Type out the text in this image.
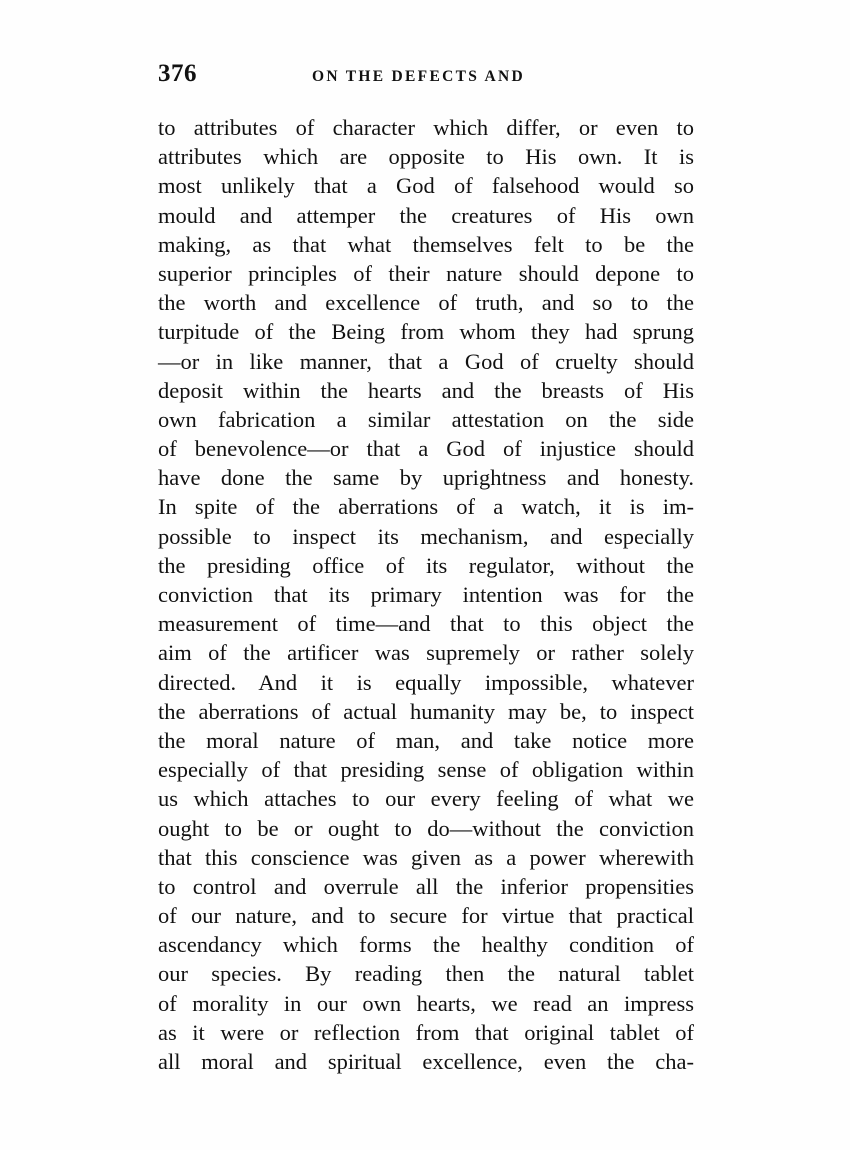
376	ON THE DEFECTS AND
to attributes of character which differ, or even to
attributes which are opposite to His own. It is
most unlikely that a God of falsehood would so
mould and attemper the creatures of His own
making, as that what themselves felt to be the
superior principles of their nature should depone to
the worth and excellence of truth, and so to the
turpitude of the Being from whom they had sprung
—or in like manner, that a God of cruelty should
deposit within the hearts and the breasts of His
own fabrication a similar attestation on the side
of benevolence—or that a God of injustice should
have done the same by uprightness and honesty.
In spite of the aberrations of a watch, it is im-
possible to inspect its mechanism, and especially
the presiding office of its regulator, without the
conviction that its primary intention was for the
measurement of time—and that to this object the
aim of the artificer was supremely or rather solely
directed. And it is equally impossible, whatever
the aberrations of actual humanity may be, to inspect
the moral nature of man, and take notice more
especially of that presiding sense of obligation within
us which attaches to our every feeling of what we
ought to be or ought to do—without the conviction
that this conscience was given as a power wherewith
to control and overrule all the inferior propensities
of our nature, and to secure for virtue that practical
ascendancy which forms the healthy condition of
our species. By reading then the natural tablet
of morality in our own hearts, we read an impress
as it were or reflection from that original tablet of
all moral and spiritual excellence, even the cha-
